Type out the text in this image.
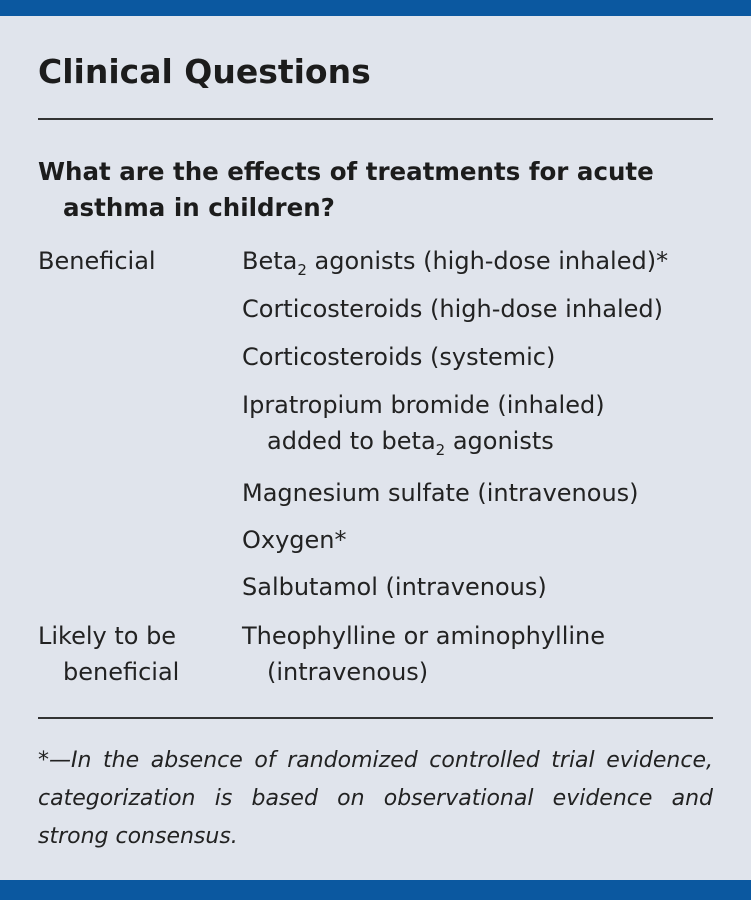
Clinical Questions

What are the effects of treatments for acute asthma in children?

Beneficial	Beta$_2$ agonists (high-dose inhaled)*
Corticosteroids (high-dose inhaled)
Corticosteroids (systemic)
Ipratropium bromide (inhaled) added to beta$_2$ agonists
Magnesium sulfate (intravenous)
Oxygen*
Salbutamol (intravenous)
Likely to be beneficial
Theophylline or aminophylline (intravenous)

*—In the absence of randomized controlled trial evidence, categorization is based on observational evidence and strong consensus.
